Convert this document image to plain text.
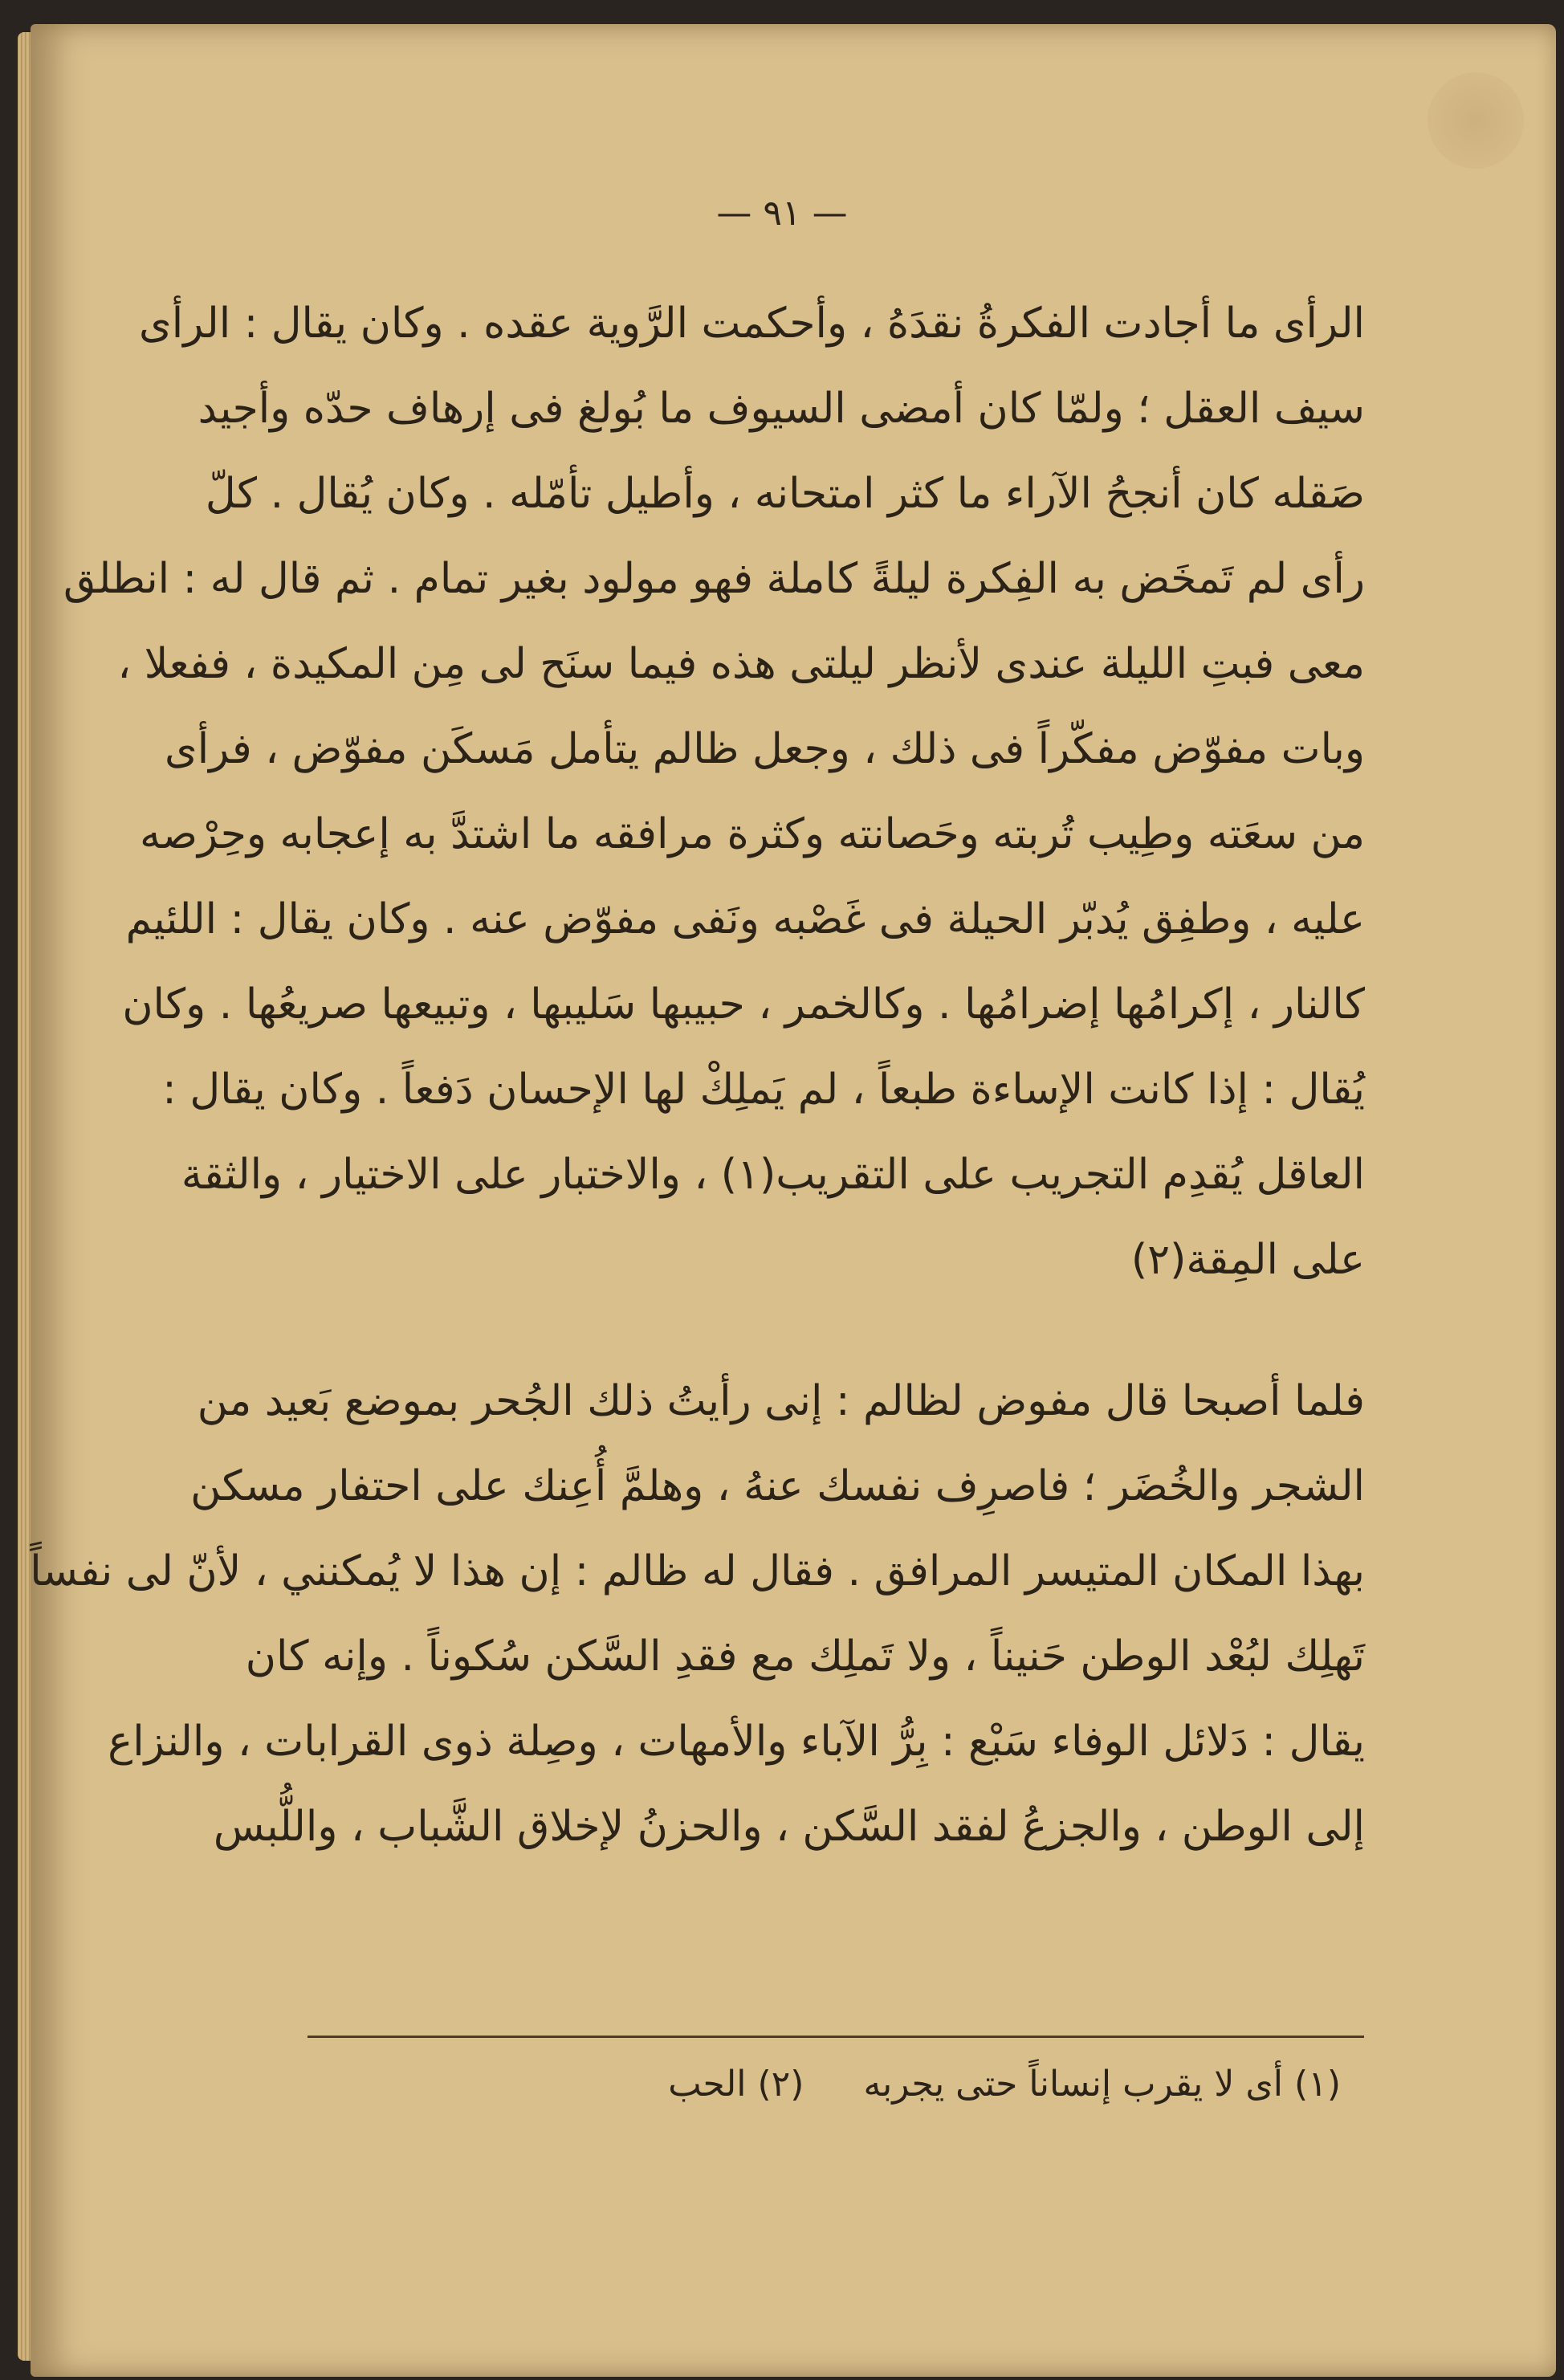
— ٩١ —
الرأى ما أجادت الفكرةُ نقدَهُ ، وأحكمت الرَّوية عقده . وكان يقال : الرأى
سيف العقل ؛ ولمّا كان أمضى السيوف ما بُولغ فى إرهاف حدّه وأجيد
صَقله كان أنجحُ الآراء ما كثر امتحانه ، وأطيل تأمّله . وكان يُقال . كلّ
رأى لم تَمخَض به الفِكرة ليلةً كاملة فهو مولود بغير تمام . ثم قال له : انطلق
معى فبتِ الليلة عندى لأنظر ليلتى هذه فيما سنَح لى مِن المكيدة ، ففعلا ،
وبات مفوّض مفكّراً فى ذلك ، وجعل ظالم يتأمل مَسكَن مفوّض ، فرأى
من سعَته وطِيب تُربته وحَصانته وكثرة مرافقه ما اشتدَّ به إعجابه وحِرْصه
عليه ، وطفِق يُدبّر الحيلة فى غَصْبه ونَفى مفوّض عنه . وكان يقال : اللئيم
كالنار ، إكرامُها إضرامُها . وكالخمر ، حبيبها سَليبها ، وتبيعها صريعُها . وكان
يُقال : إذا كانت الإساءة طبعاً ، لم يَملِكْ لها الإحسان دَفعاً . وكان يقال :
العاقل يُقدِم التجريب على التقريب(١) ، والاختبار على الاختيار ، والثقة
على المِقة(٢)
فلما أصبحا قال مفوض لظالم : إنى رأيتُ ذلك الجُحر بموضع بَعيد من
الشجر والخُضَر ؛ فاصرِف نفسك عنهُ ، وهلمَّ أُعِنك على احتفار مسكن
بهذا المكان المتيسر المرافق . فقال له ظالم : إن هذا لا يُمكنني ، لأنّ لى نفساً
تَهلِك لبُعْد الوطن حَنيناً ، ولا تَملِك مع فقدِ السَّكن سُكوناً . وإنه كان
يقال : دَلائل الوفاء سَبْع : بِرُّ الآباء والأمهات ، وصِلة ذوى القرابات ، والنزاع
إلى الوطن ، والجزعُ لفقد السَّكن ، والحزنُ لإخلاق الشَّباب ، واللُّبس
(١) أى لا يقرب إنساناً حتى يجربه (٢) الحب
